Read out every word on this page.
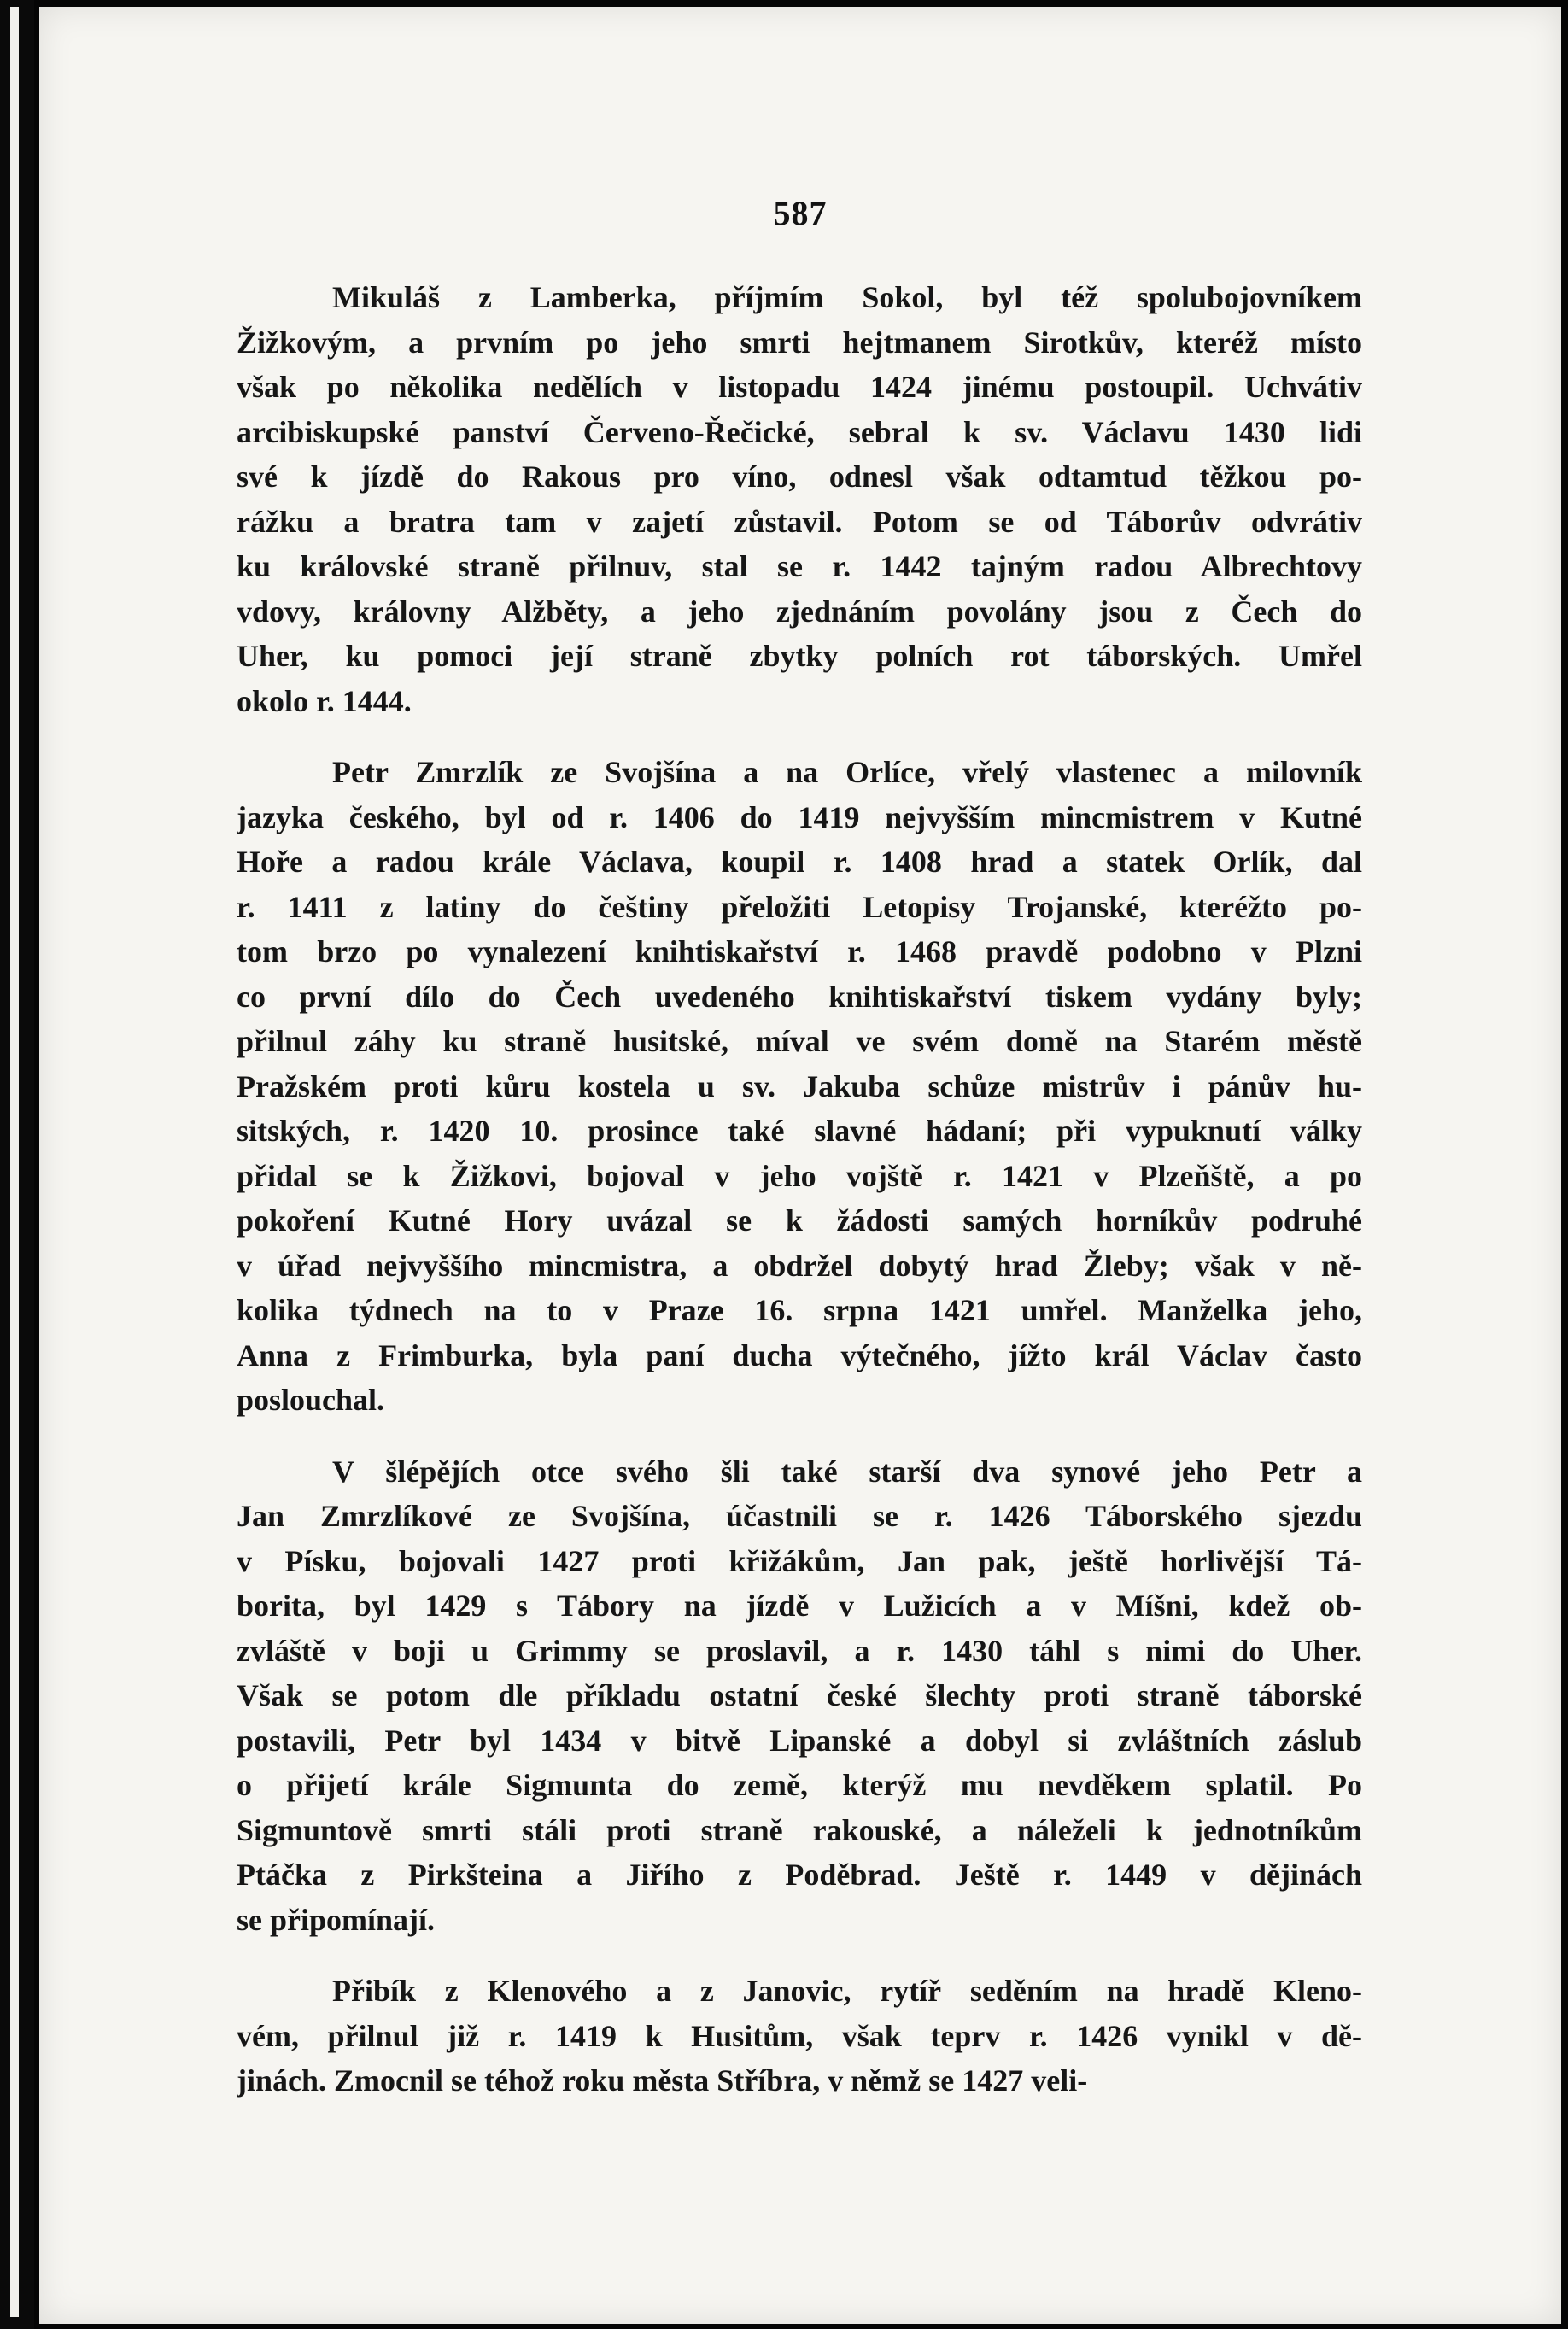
587
Mikuláš z Lamberka, příjmím Sokol, byl též spolubojovníkem
Žižkovým, a prvním po jeho smrti hejtmanem Sirotkův, kteréž místo
však po několika nedělích v listopadu 1424 jinému postoupil. Uchvátiv
arcibiskupské panství Červeno-Řečické, sebral k sv. Václavu 1430 lidi
své k jízdě do Rakous pro víno, odnesl však odtamtud těžkou po-
rážku a bratra tam v zajetí zůstavil. Potom se od Táborův odvrátiv
ku královské straně přilnuv, stal se r. 1442 tajným radou Albrechtovy
vdovy, královny Alžběty, a jeho zjednáním povolány jsou z Čech do
Uher, ku pomoci její straně zbytky polních rot táborských. Umřel
okolo r. 1444.
Petr Zmrzlík ze Svojšína a na Orlíce, vřelý vlastenec a milovník
jazyka českého, byl od r. 1406 do 1419 nejvyšším mincmistrem v Kutné
Hoře a radou krále Václava, koupil r. 1408 hrad a statek Orlík, dal
r. 1411 z latiny do češtiny přeložiti Letopisy Trojanské, kteréžto po-
tom brzo po vynalezení knihtiskařství r. 1468 pravdě podobno v Plzni
co první dílo do Čech uvedeného knihtiskařství tiskem vydány byly;
přilnul záhy ku straně husitské, míval ve svém domě na Starém městě
Pražském proti kůru kostela u sv. Jakuba schůze mistrův i pánův hu-
sitských, r. 1420 10. prosince také slavné hádaní; při vypuknutí války
přidal se k Žižkovi, bojoval v jeho vojště r. 1421 v Plzeňště, a po
pokoření Kutné Hory uvázal se k žádosti samých horníkův podruhé
v úřad nejvyššího mincmistra, a obdržel dobytý hrad Žleby; však v ně-
kolika týdnech na to v Praze 16. srpna 1421 umřel. Manželka jeho,
Anna z Frimburka, byla paní ducha výtečného, jížto král Václav často
poslouchal.
V šlépějích otce svého šli také starší dva synové jeho Petr a
Jan Zmrzlíkové ze Svojšína, účastnili se r. 1426 Táborského sjezdu
v Písku, bojovali 1427 proti křižákům, Jan pak, ještě horlivější Tá-
borita, byl 1429 s Tábory na jízdě v Lužicích a v Míšni, kdež ob-
zvláště v boji u Grimmy se proslavil, a r. 1430 táhl s nimi do Uher.
Však se potom dle příkladu ostatní české šlechty proti straně táborské
postavili, Petr byl 1434 v bitvě Lipanské a dobyl si zvláštních záslub
o přijetí krále Sigmunta do země, kterýž mu nevděkem splatil. Po
Sigmuntově smrti stáli proti straně rakouské, a náleželi k jednotníkům
Ptáčka z Pirkšteina a Jiřího z Poděbrad. Ještě r. 1449 v dějinách
se připomínají.
Přibík z Klenového a z Janovic, rytíř seděním na hradě Kleno-
vém, přilnul již r. 1419 k Husitům, však teprv r. 1426 vynikl v dě-
jinách. Zmocnil se téhož roku města Stříbra, v němž se 1427 veli-
